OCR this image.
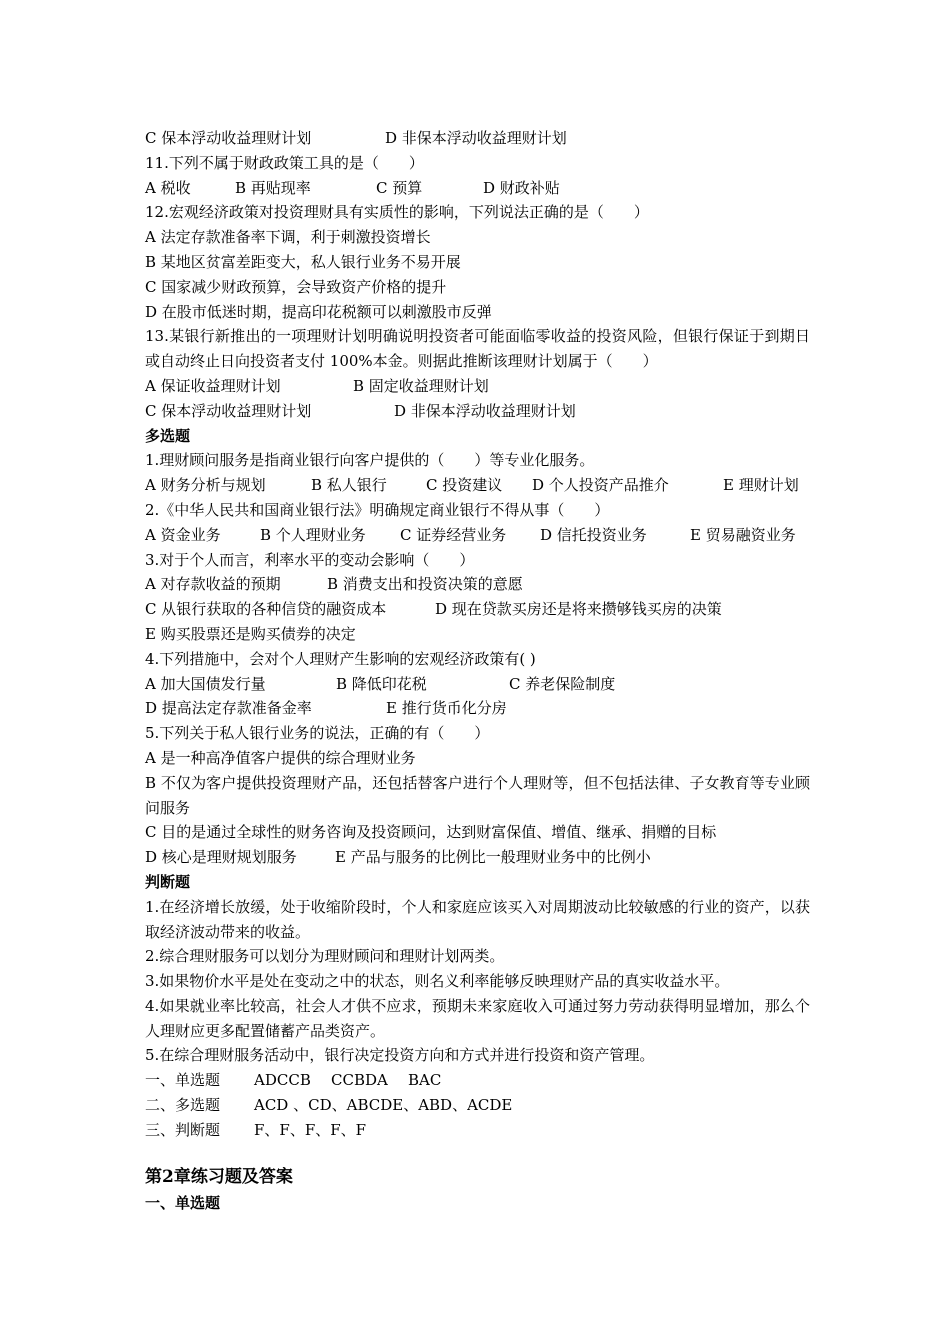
C 保本浮动收益理财计划	D 非保本浮动收益理财计划
11.下列不属于财政政策工具的是（　　）
A 税收	B 再贴现率	C 预算	D 财政补贴
12.宏观经济政策对投资理财具有实质性的影响，下列说法正确的是（　　）
A 法定存款准备率下调，利于刺激投资增长
B 某地区贫富差距变大，私人银行业务不易开展
C 国家减少财政预算，会导致资产价格的提升
D 在股市低迷时期，提高印花税额可以刺激股市反弹
13.某银行新推出的一项理财计划明确说明投资者可能面临零收益的投资风险，但银行保证于到期日或自动终止日向投资者支付 100%本金。则据此推断该理财计划属于（　　）
A 保证收益理财计划	B 固定收益理财计划
C 保本浮动收益理财计划	D 非保本浮动收益理财计划
多选题
1.理财顾问服务是指商业银行向客户提供的（　　）等专业化服务。
A 财务分析与规划	B 私人银行	C 投资建议 D 个人投资产品推介	E 理财计划
2.《中华人民共和国商业银行法》明确规定商业银行不得从事（　　）
A 资金业务	B 个人理财业务 C 证券经营业务 D 信托投资业务	E 贸易融资业务
3.对于个人而言，利率水平的变动会影响（　　）
A 对存款收益的预期	B 消费支出和投资决策的意愿
C 从银行获取的各种信贷的融资成本	D 现在贷款买房还是将来攒够钱买房的决策
E 购买股票还是购买债券的决定
4.下列措施中，会对个人理财产生影响的宏观经济政策有( )
A 加大国债发行量	B 降低印花税	C 养老保险制度
D 提高法定存款准备金率	E 推行货币化分房
5.下列关于私人银行业务的说法，正确的有（　　）
A 是一种高净值客户提供的综合理财业务
B 不仅为客户提供投资理财产品，还包括替客户进行个人理财等，但不包括法律、子女教育等专业顾问服务
C 目的是通过全球性的财务咨询及投资顾问，达到财富保值、增值、继承、捐赠的目标
D 核心是理财规划服务	E 产品与服务的比例比一般理财业务中的比例小
判断题
1.在经济增长放缓，处于收缩阶段时，个人和家庭应该买入对周期波动比较敏感的行业的资产，以获取经济波动带来的收益。
2.综合理财服务可以划分为理财顾问和理财计划两类。
3.如果物价水平是处在变动之中的状态，则名义利率能够反映理财产品的真实收益水平。
4.如果就业率比较高，社会人才供不应求，预期未来家庭收入可通过努力劳动获得明显增加，那么个人理财应更多配置储蓄产品类资产。
5.在综合理财服务活动中，银行决定投资方向和方式并进行投资和资产管理。
一、单选题 ADCCB CCBDA BAC
二、多选题 ACD 、CD、ABCDE、ABD、ACDE
三、判断题 F、F、F、F、F
第2章练习题及答案
一、单选题
